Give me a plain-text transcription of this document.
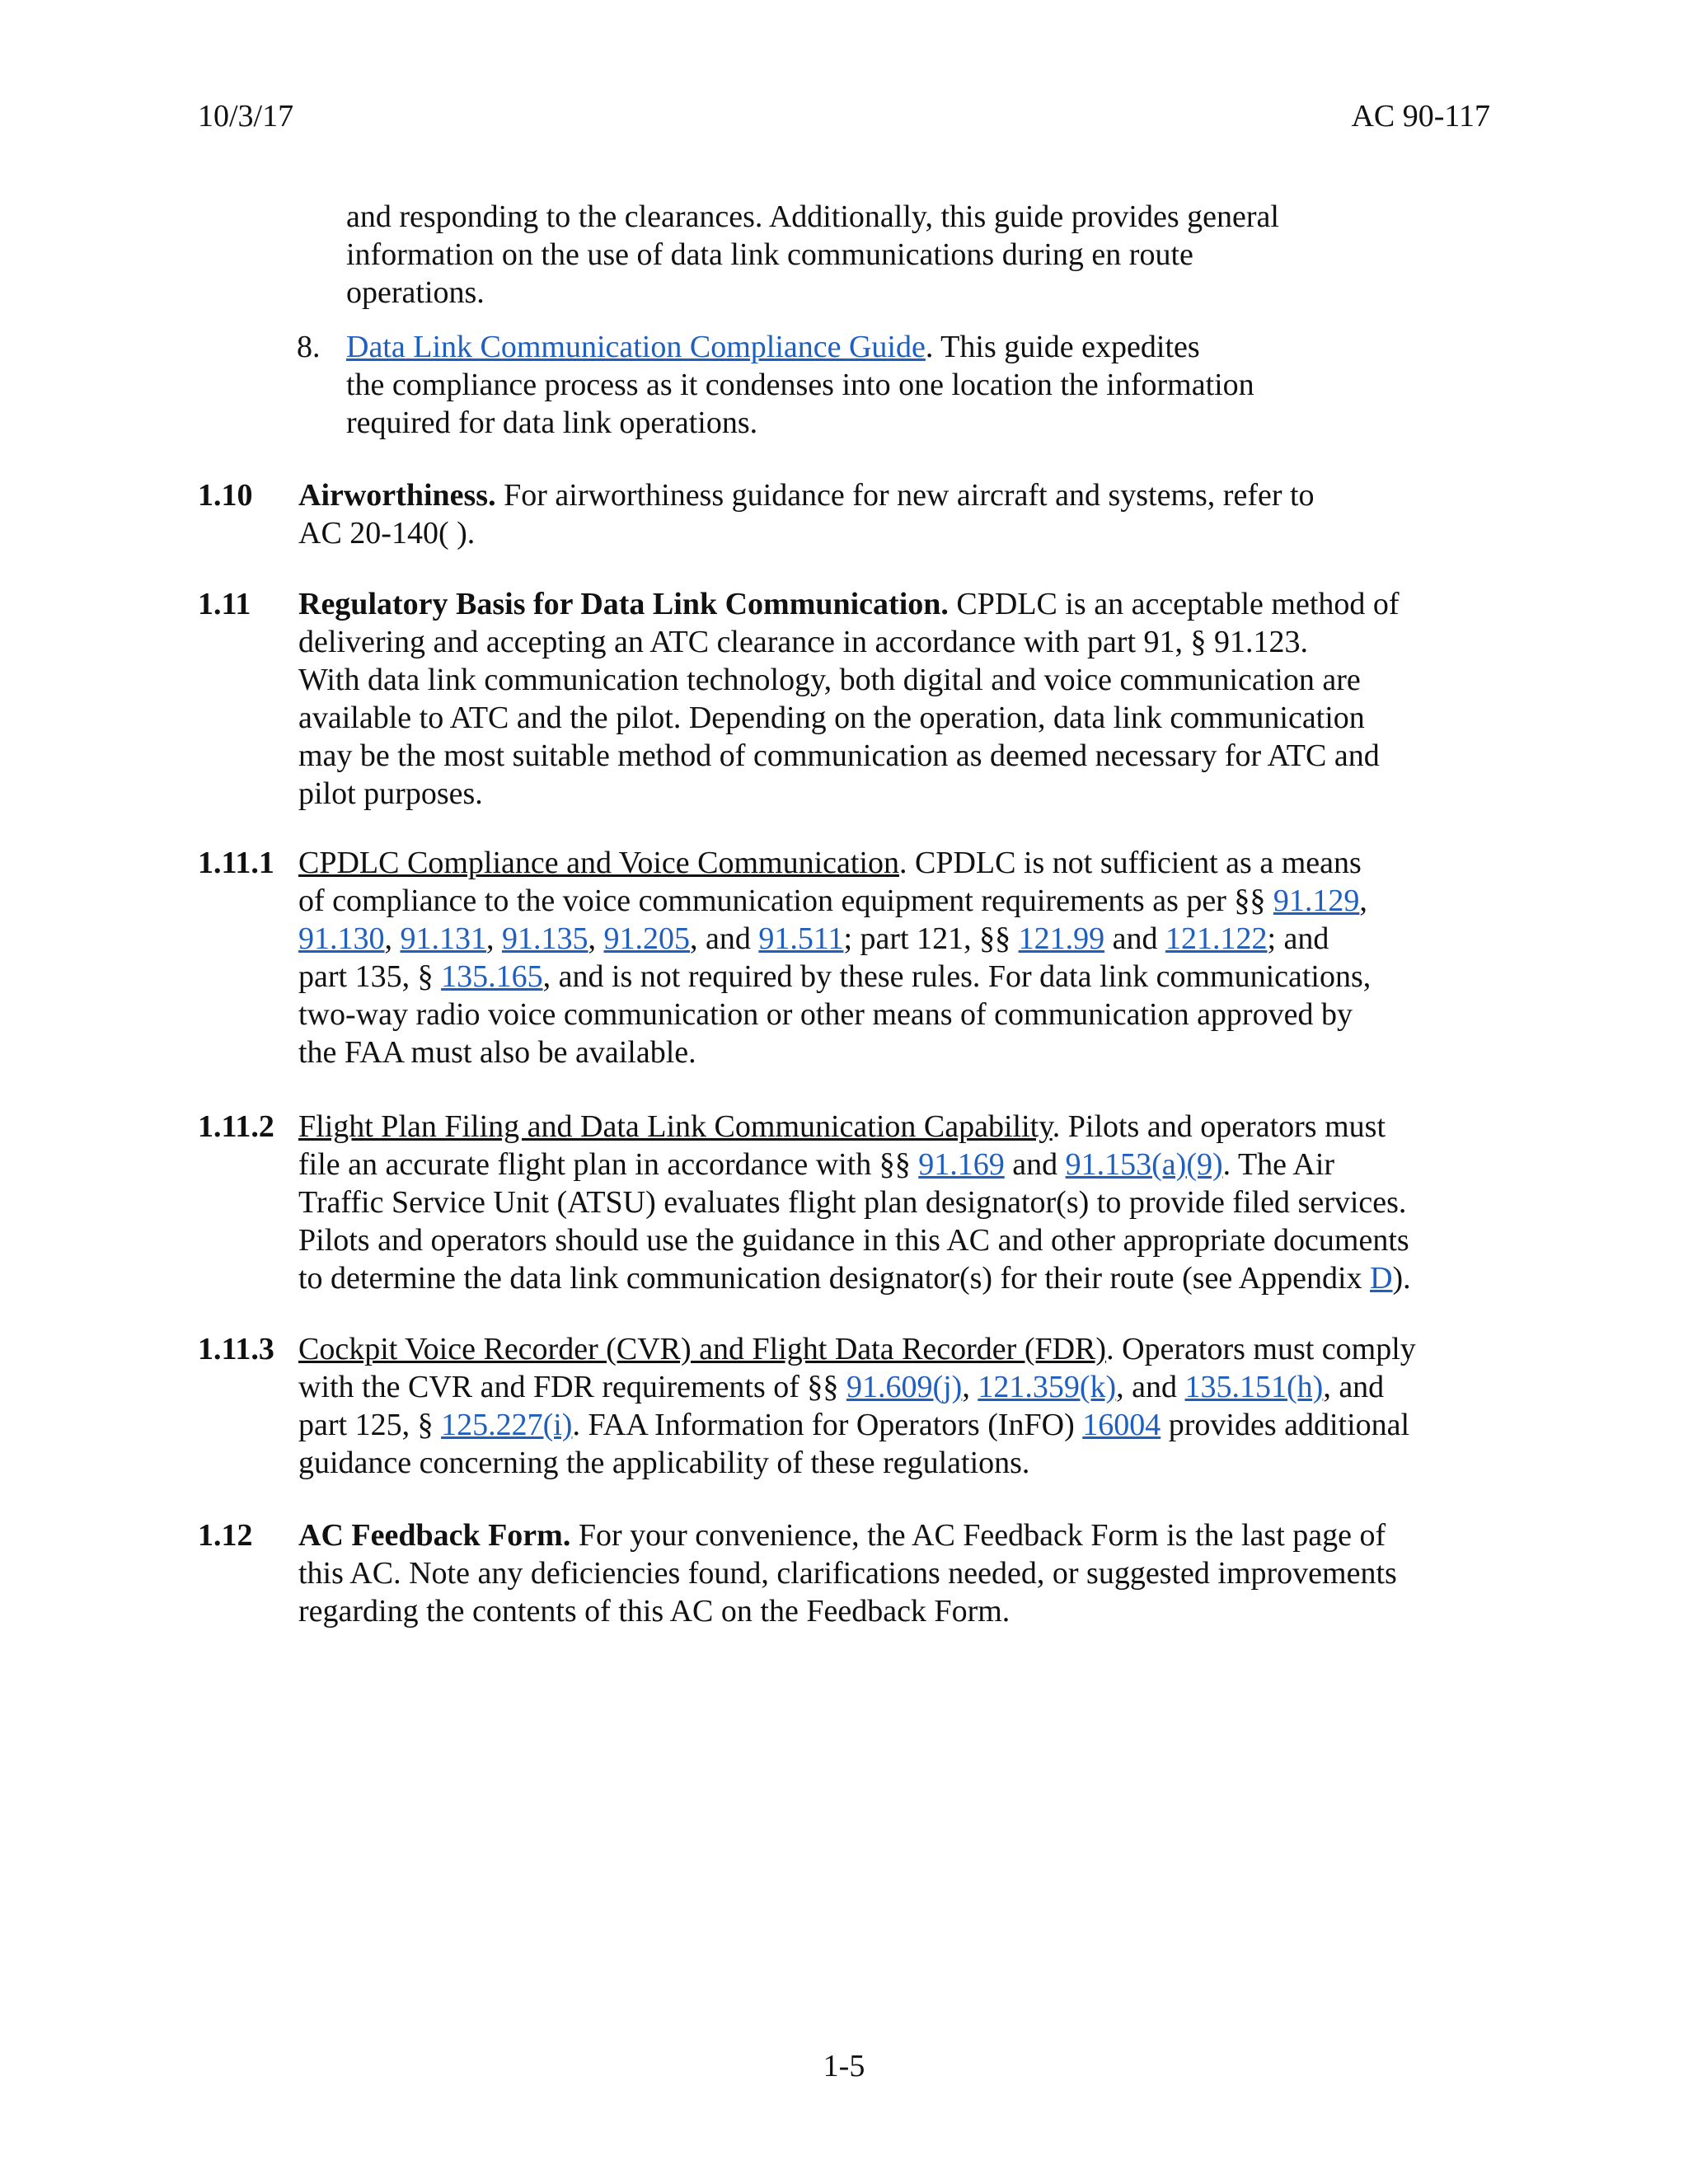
10/3/17	AC 90-117
and responding to the clearances. Additionally, this guide provides general
information on the use of data link communications during en route
operations.
8. Data Link Communication Compliance Guide. This guide expedites
the compliance process as it condenses into one location the information
required for data link operations.
1.10 Airworthiness. For airworthiness guidance for new aircraft and systems, refer to
AC 20-140( ).
1.11 Regulatory Basis for Data Link Communication. CPDLC is an acceptable method of
delivering and accepting an ATC clearance in accordance with part 91, § 91.123.
With data link communication technology, both digital and voice communication are
available to ATC and the pilot. Depending on the operation, data link communication
may be the most suitable method of communication as deemed necessary for ATC and
pilot purposes.
1.11.1 CPDLC Compliance and Voice Communication. CPDLC is not sufficient as a means
of compliance to the voice communication equipment requirements as per §§ 91.129,
91.130, 91.131, 91.135, 91.205, and 91.511; part 121, §§ 121.99 and 121.122; and
part 135, § 135.165, and is not required by these rules. For data link communications,
two-way radio voice communication or other means of communication approved by
the FAA must also be available.
1.11.2 Flight Plan Filing and Data Link Communication Capability. Pilots and operators must
file an accurate flight plan in accordance with §§ 91.169 and 91.153(a)(9). The Air
Traffic Service Unit (ATSU) evaluates flight plan designator(s) to provide filed services.
Pilots and operators should use the guidance in this AC and other appropriate documents
to determine the data link communication designator(s) for their route (see Appendix D).
1.11.3 Cockpit Voice Recorder (CVR) and Flight Data Recorder (FDR). Operators must comply
with the CVR and FDR requirements of §§ 91.609(j), 121.359(k), and 135.151(h), and
part 125, § 125.227(i). FAA Information for Operators (InFO) 16004 provides additional
guidance concerning the applicability of these regulations.
1.12 AC Feedback Form. For your convenience, the AC Feedback Form is the last page of
this AC. Note any deficiencies found, clarifications needed, or suggested improvements
regarding the contents of this AC on the Feedback Form.
1-5
